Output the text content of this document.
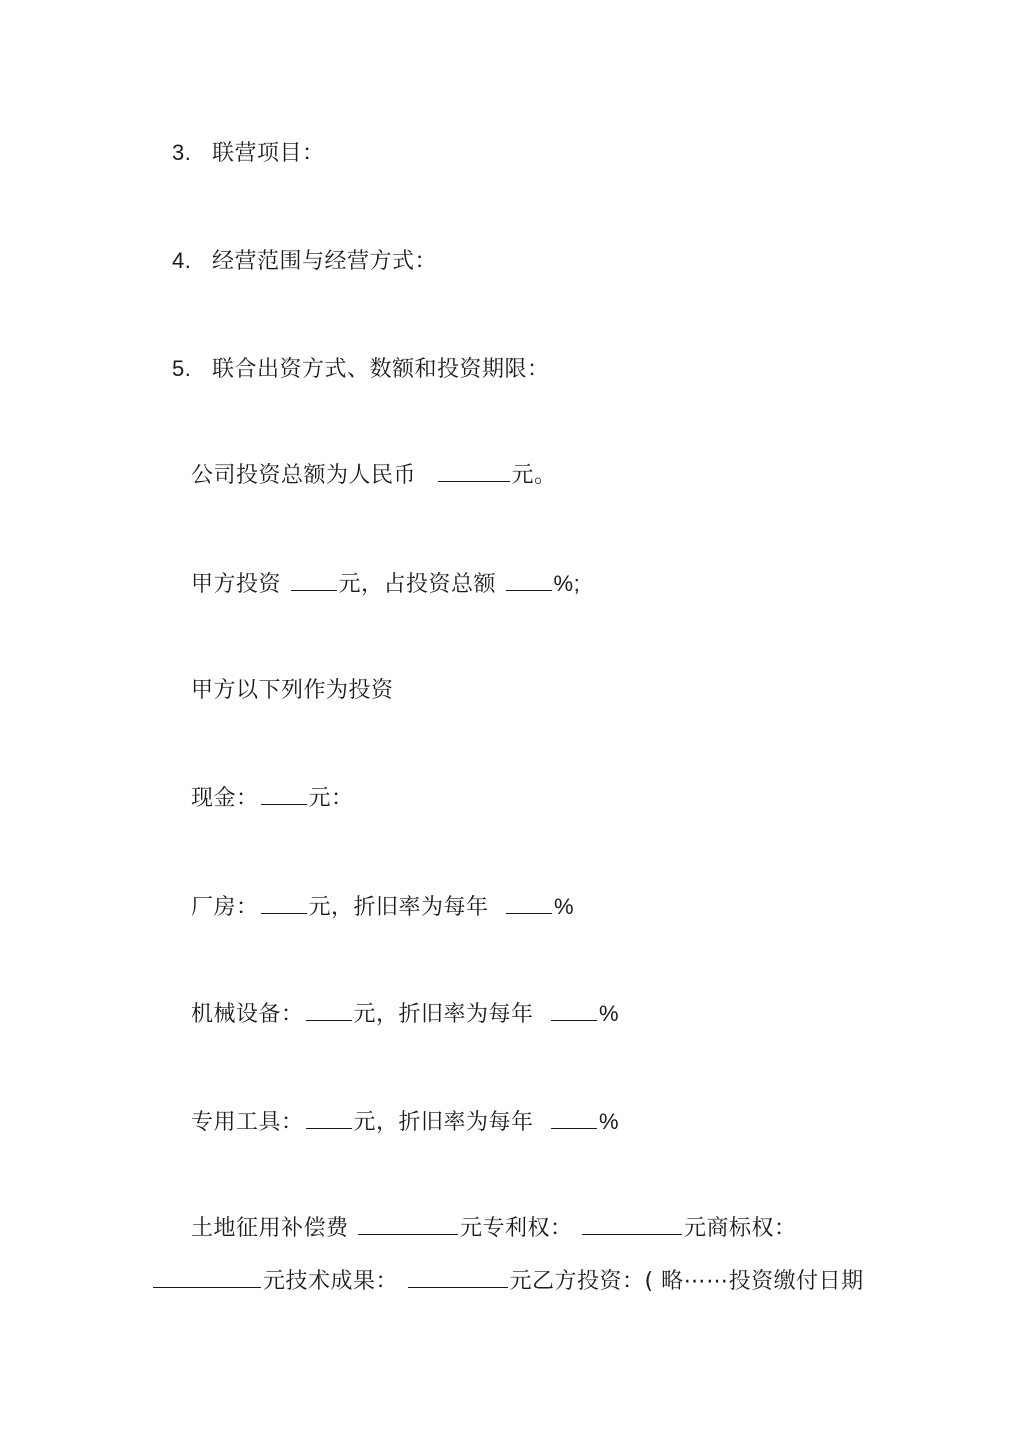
3. 联营项目：
4. 经营范围与经营方式：
5. 联合出资方式、数额和投资期限：
公司投资总额为人民币	元。
甲方投资	元，占投资总额	%;
甲方以下列作为投资
现金： 元：
厂房： 元，折旧率为每年	%
机械设备： 元，折旧率为每年	%
专用工具： 元，折旧率为每年	%
土地征用补偿费	元专利权：	元商标权：
元技术成果：	元乙方投资：( 略⋯⋯投资缴付日期
